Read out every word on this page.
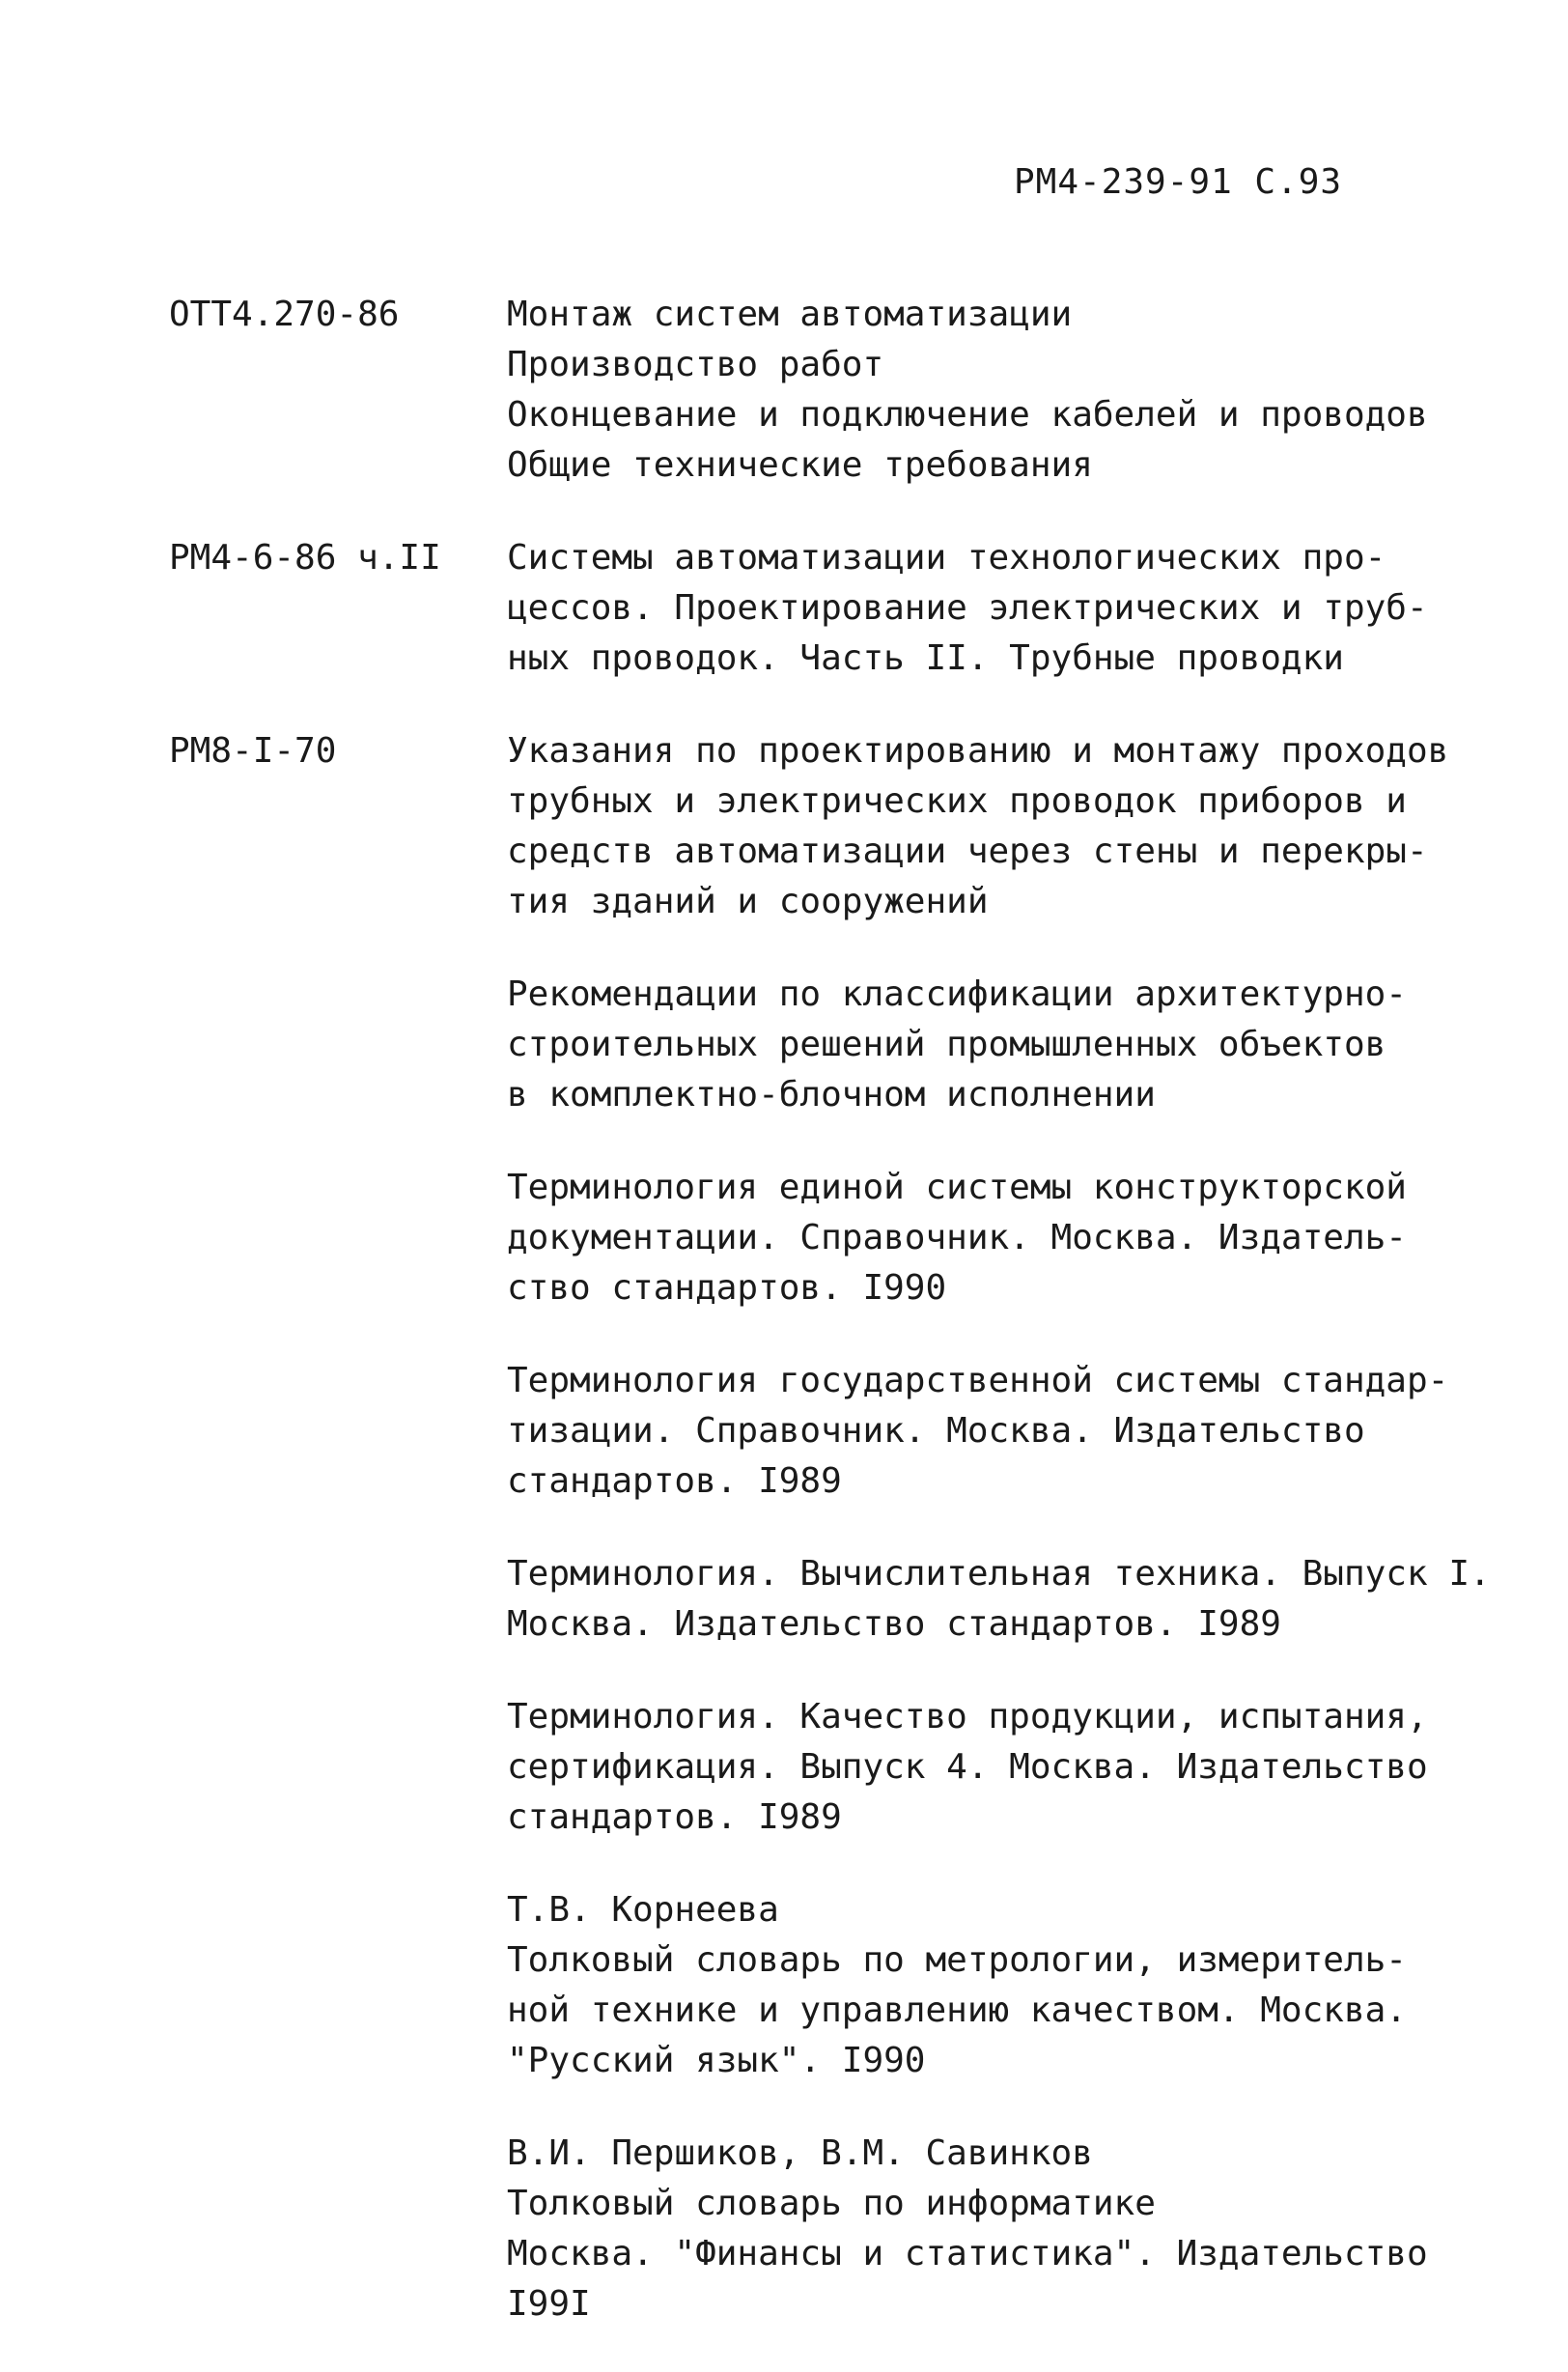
РМ4-239-91 С.93
ОТТ4.270-86	Монтаж систем автоматизации
Производство работ
Оконцевание и подключение кабелей и проводов
Общие технические требования
РМ4-6-86 ч.II	Системы автоматизации технологических про-
цессов. Проектирование электрических и труб-
ных проводок. Часть II. Трубные проводки
РМ8-I-70	Указания по проектированию и монтажу проходов
трубных и электрических проводок приборов и
средств автоматизации через стены и перекры-
тия зданий и сооружений
Рекомендации по классификации архитектурно-
строительных решений промышленных объектов
в комплектно-блочном исполнении
Терминология единой системы конструкторской
документации. Справочник. Москва. Издатель-
ство стандартов. I990
Терминология государственной системы стандар-
тизации. Справочник. Москва. Издательство
стандартов. I989
Терминология. Вычислительная техника. Выпуск I.
Москва. Издательство стандартов. I989
Терминология. Качество продукции, испытания,
сертификация. Выпуск 4. Москва. Издательство
стандартов. I989
Т.В. Корнеева
Толковый словарь по метрологии, измеритель-
ной технике и управлению качеством. Москва.
"Русский язык". I990
В.И. Першиков, В.М. Савинков
Толковый словарь по информатике
Москва. "Финансы и статистика". Издательство
I99I
